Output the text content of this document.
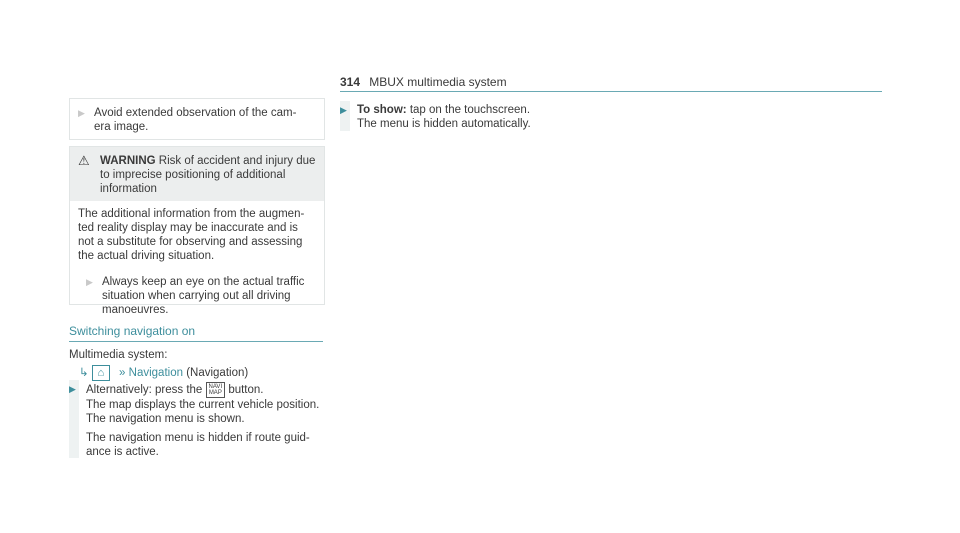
314 MBUX multimedia system
▶ Avoid extended observation of the cam-
era image.
⚠ WARNING Risk of accident and injury due
to imprecise positioning of additional
information
The additional information from the augmen-
ted reality display may be inaccurate and is
not a substitute for observing and assessing
the actual driving situation.
▶ Always keep an eye on the actual traffic
situation when carrying out all driving
manoeuvres.
Switching navigation on
Multimedia system:
↳ ⌂ » Navigation (Navigation)
▶ Alternatively: press the NAVI
MAP button.
The map displays the current vehicle position.
The navigation menu is shown.
The navigation menu is hidden if route guid-
ance is active.
▶ To show: tap on the touchscreen.
The menu is hidden automatically.
